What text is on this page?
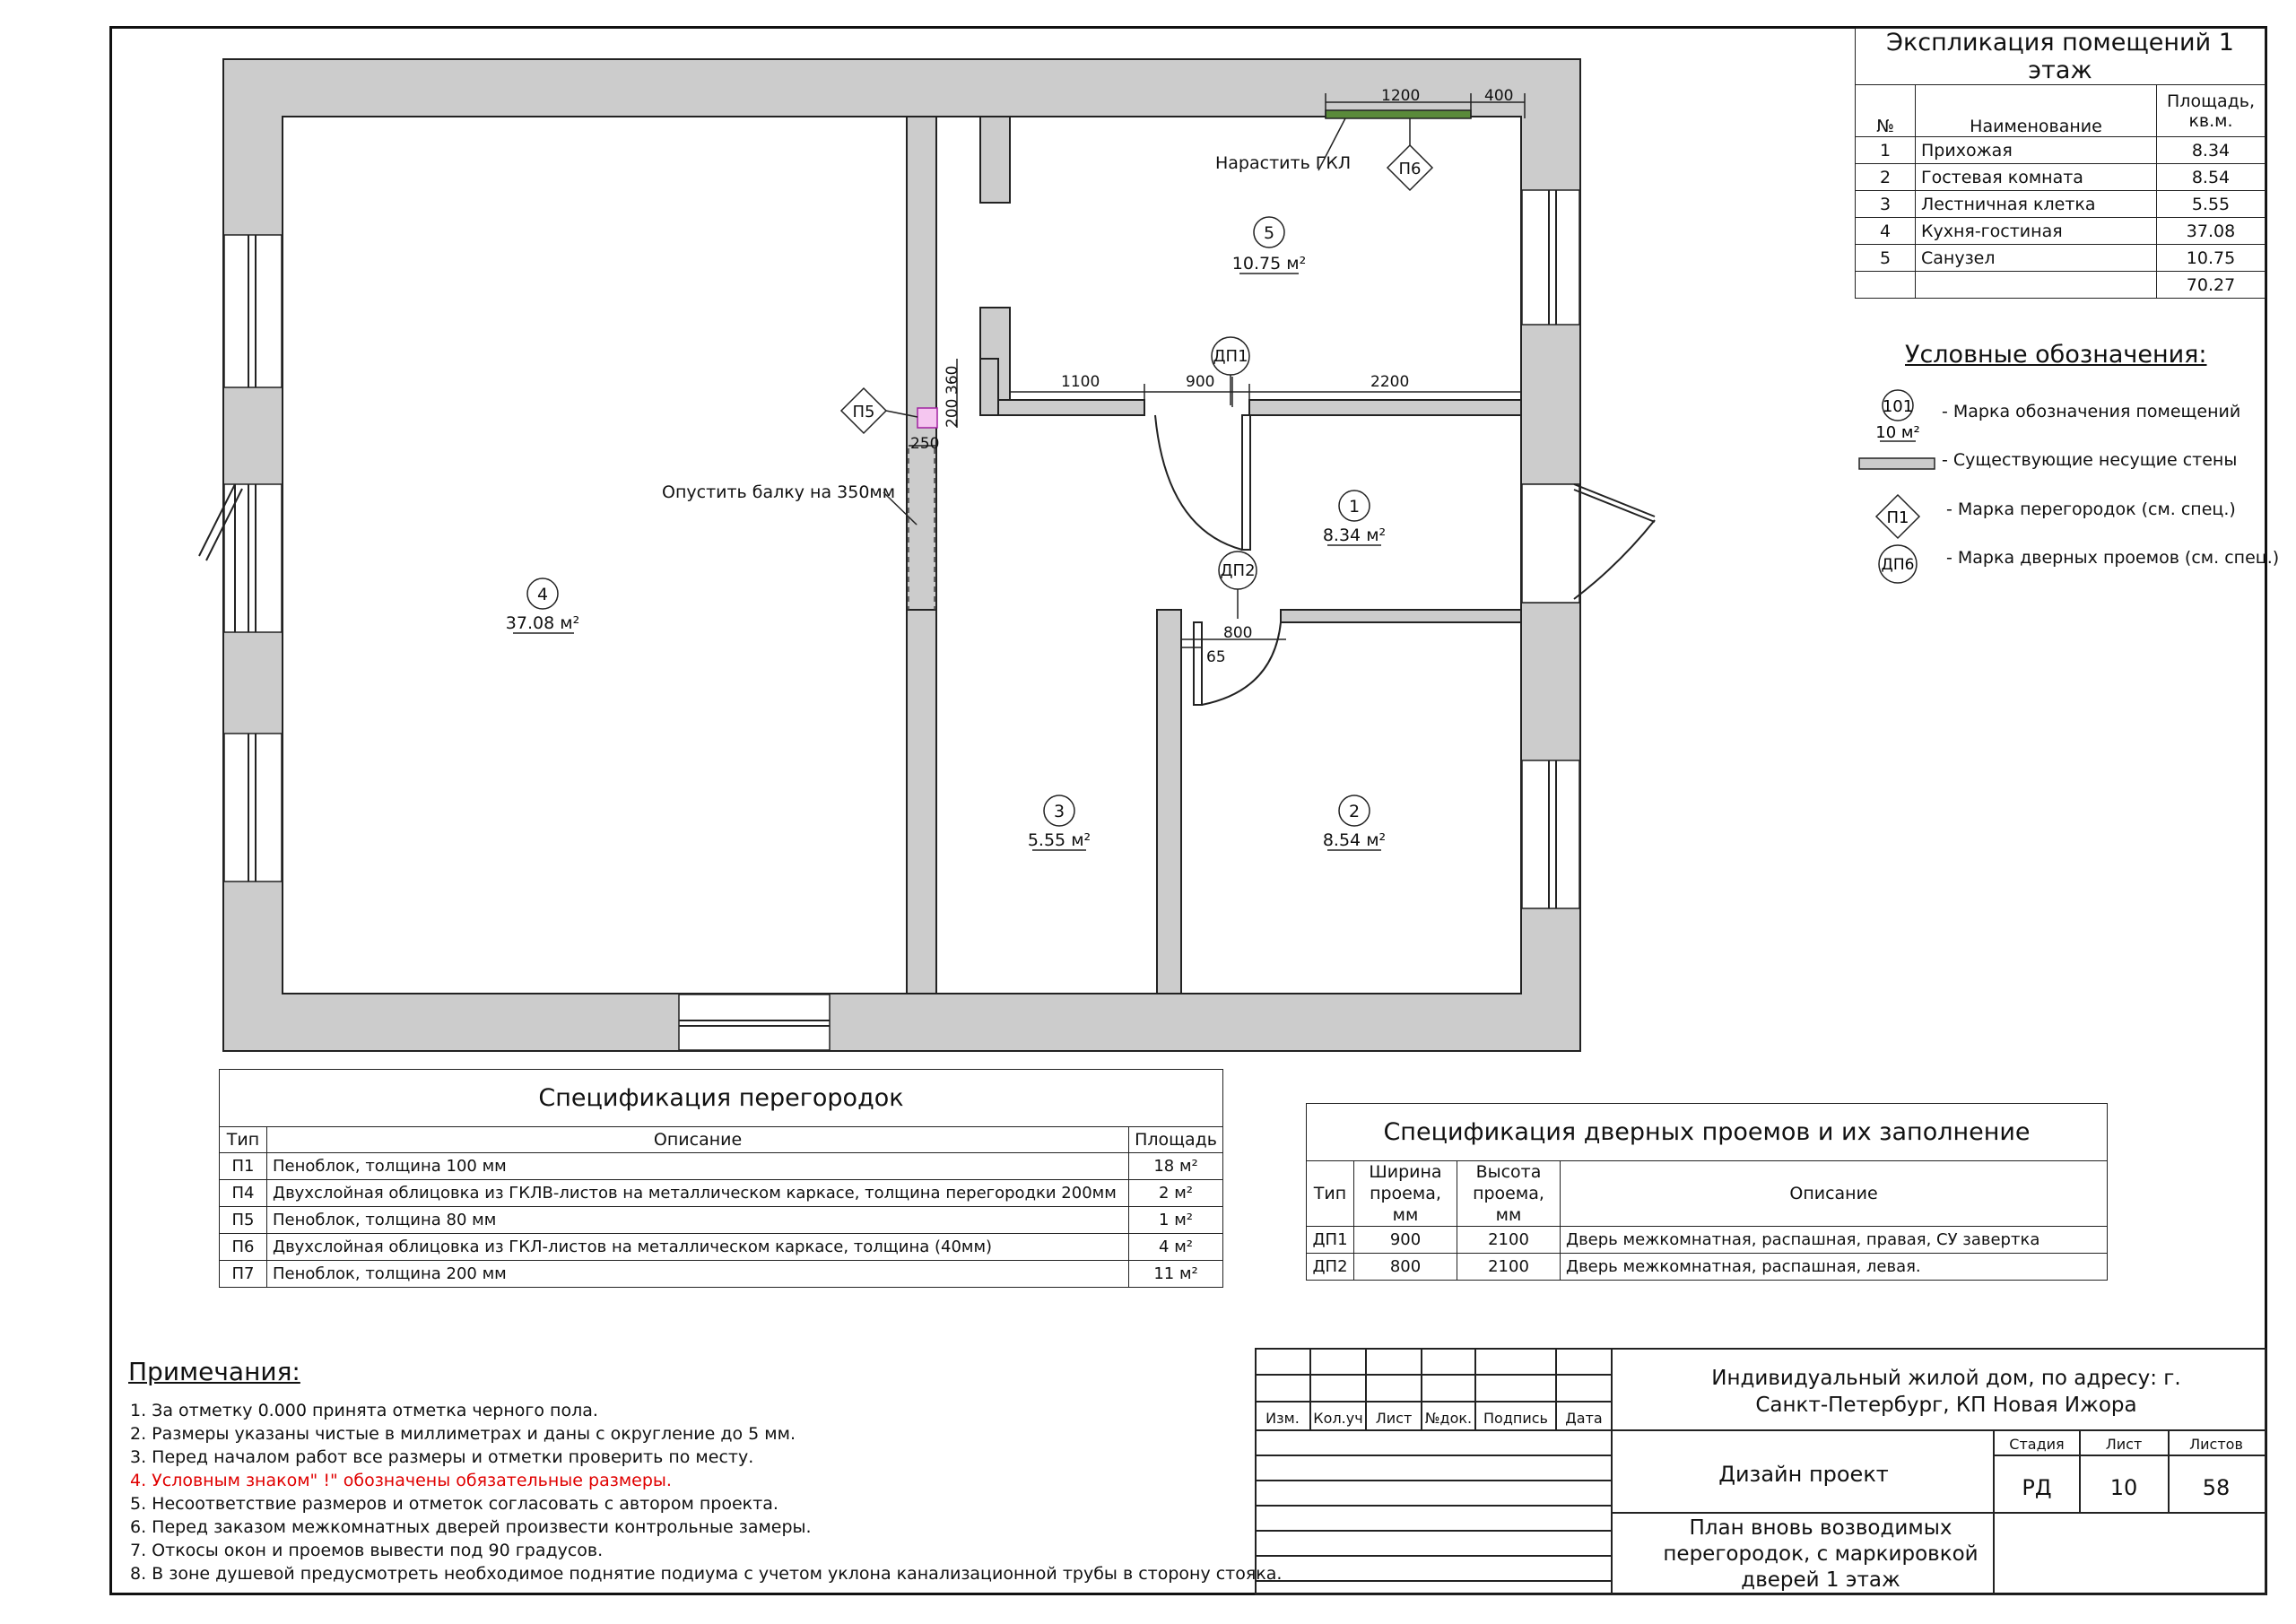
1200	400
1100	900	2200
360
200
250
800
65
Нарастить ГКЛ
Опустить балку на 350мм
П6
П5
ДП1
ДП2
5
10.75 м²
1
8.34 м²
4
37.08 м²
3
5.55 м²
2
8.54 м²
Экспликация помещений 1 этаж		
№	Наименование	Площадь, кв.м.
1	Прихожая	8.34
2	Гостевая комната	8.54
3	Лестничная клетка	5.55
4	Кухня-гостиная	37.08
5	Санузел	10.75
		70.27
Условные обозначения:
101
10 м²
П1
ДП6
- Марка обозначения помещений
- Существующие несущие стены
- Марка перегородок (см. спец.)
- Марка дверных проемов (см. спец.)
Спецификация перегородок		
Тип	Описание	Площадь
П1	Пеноблок, толщина 100 мм	18 м²
П4	Двухслойная облицовка из ГКЛВ-листов на металлическом каркасе, толщина перегородки 200мм	2 м²
П5	Пеноблок, толщина 80 мм	1 м²
П6	Двухслойная облицовка из ГКЛ-листов на металлическом каркасе, толщина (40мм)	4 м²
П7	Пеноблок, толщина 200 мм	11 м²
Спецификация дверных проемов и их заполнение			
Тип	Ширина проема, мм	Высота проема, мм	Описание
ДП1	900	2100	Дверь межкомнатная, распашная, правая, СУ завертка
ДП2	800	2100	Дверь межкомнатная, распашная, левая.
Примечания:
1. За отметку 0.000 принята отметка черного пола.
2. Размеры указаны чистые в миллиметрах и даны с округление до 5 мм.
3. Перед началом работ все размеры и отметки проверить по месту.
4. Условным знаком" !" обозначены обязательные размеры.
5. Несоответствие размеров и отметок согласовать с автором проекта.
6. Перед заказом межкомнатных дверей произвести контрольные замеры.
7. Откосы окон и проемов вывести под 90 градусов.
8. В зоне душевой предусмотреть необходимое поднятие подиума с учетом уклона канализационной трубы в сторону стояка.
Изм. Кол.уч Лист №док. Подпись Дата
Стадия	Лист	Листов
РД	10	58
Дизайн проект
Индивидуальный жилой дом, по адресу: г. Санкт-Петербург, КП Новая Ижора
План вновь возводимых перегородок, с маркировкой дверей 1 этаж
